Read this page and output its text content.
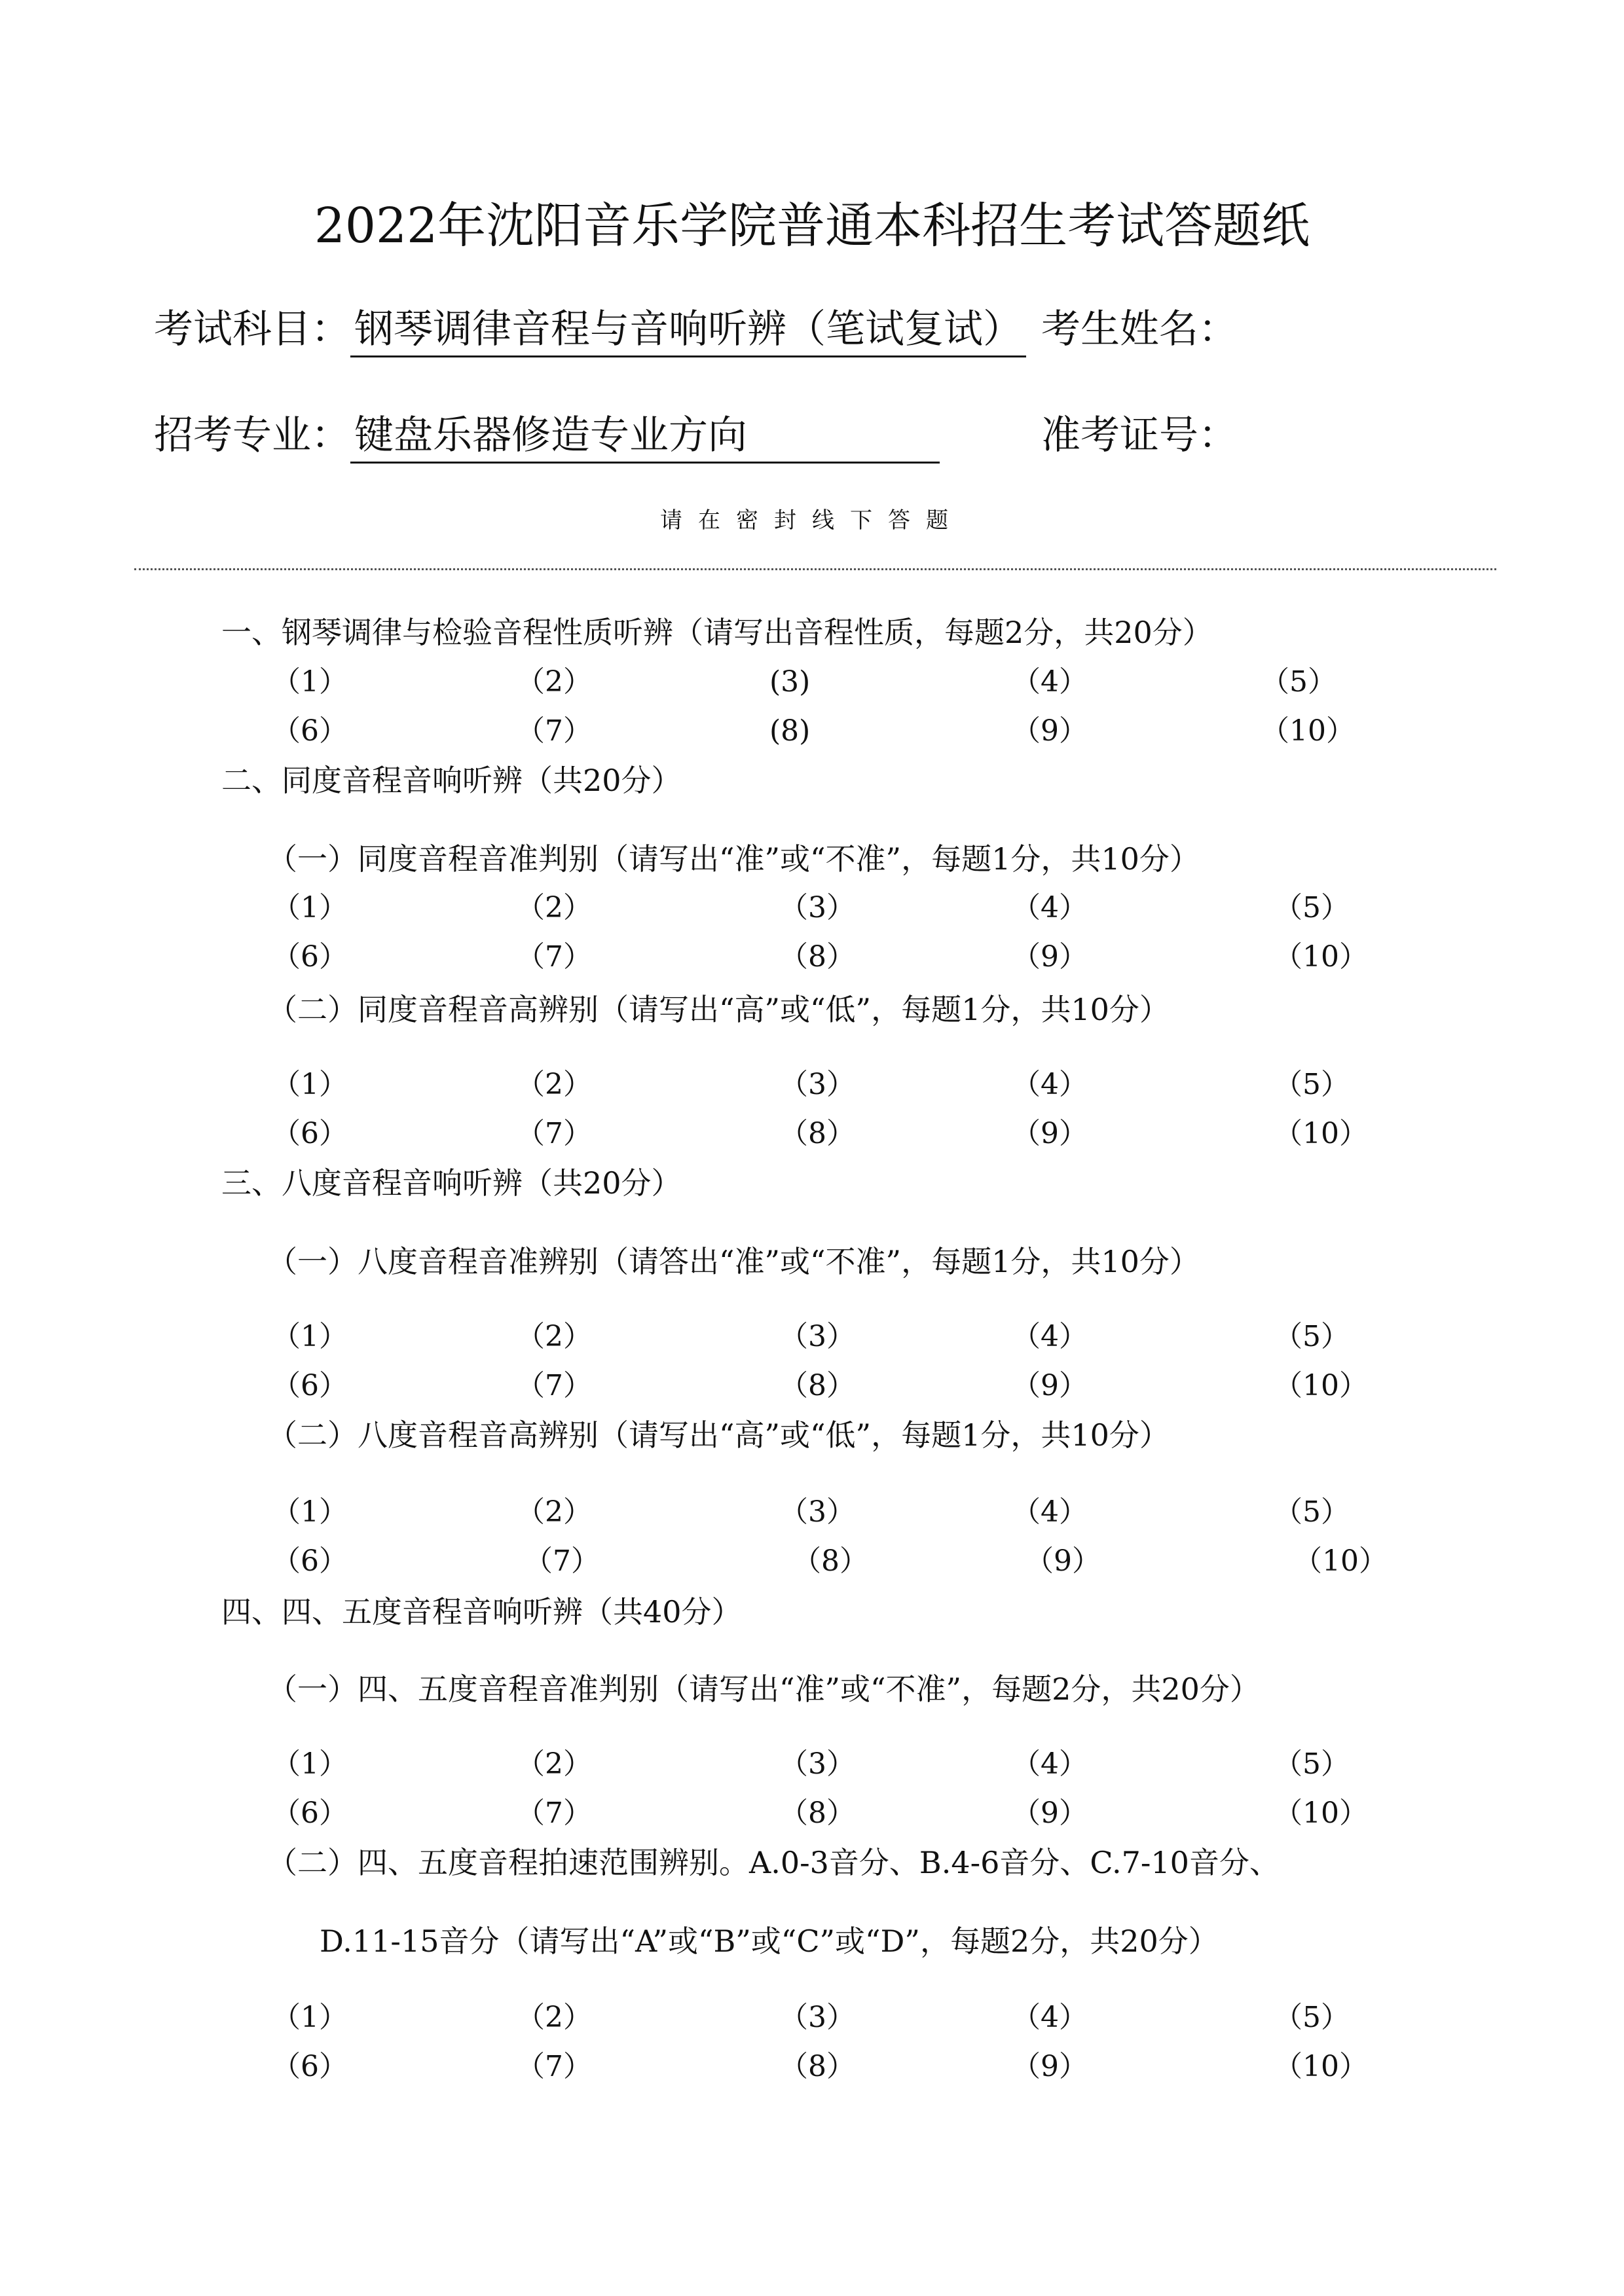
2022年沈阳音乐学院普通本科招生考试答题纸
考试科目： 钢琴调律音程与音响听辨（笔试复试） 考生姓名：
招考专业： 键盘乐器修造专业方向	准考证号：
请在密封线下答题
一、钢琴调律与检验音程性质听辨（请写出音程性质，每题2分，共20分）
（1）	（2）	(3)	（4）	（5）
（6）	（7）	(8)	（9）	（10）
二、同度音程音响听辨（共20分）
（一）同度音程音准判别（请写出“准”或“不准”，每题1分，共10分）
（1）	（2）	（3）	（4）	（5）
（6）	（7）	（8）	（9）	（10）
（二）同度音程音高辨别（请写出“高”或“低”，每题1分，共10分）
（1）	（2）	（3）	（4）	（5）
（6）	（7）	（8）	（9）	（10）
三、八度音程音响听辨（共20分）
（一）八度音程音准辨别（请答出“准”或“不准”，每题1分，共10分）
（1）	（2）	（3）	（4）	（5）
（6）	（7）	（8）	（9）	（10）
（二）八度音程音高辨别（请写出“高”或“低”，每题1分，共10分）
（1）	（2）	（3）	（4）	（5）
（6）	（7）	（8）	（9）	（10）
四、四、五度音程音响听辨（共40分）
（一）四、五度音程音准判别（请写出“准”或“不准”，每题2分，共20分）
（1）	（2）	（3）	（4）	（5）
（6）	（7）	（8）	（9）	（10）
（二）四、五度音程拍速范围辨别。A.0-3音分、B.4-6音分、C.7-10音分、
D.11-15音分（请写出“A”或“B”或“C”或“D”，每题2分，共20分）
（1）	（2）	（3）	（4）	（5）
（6）	（7）	（8）	（9）	（10）
